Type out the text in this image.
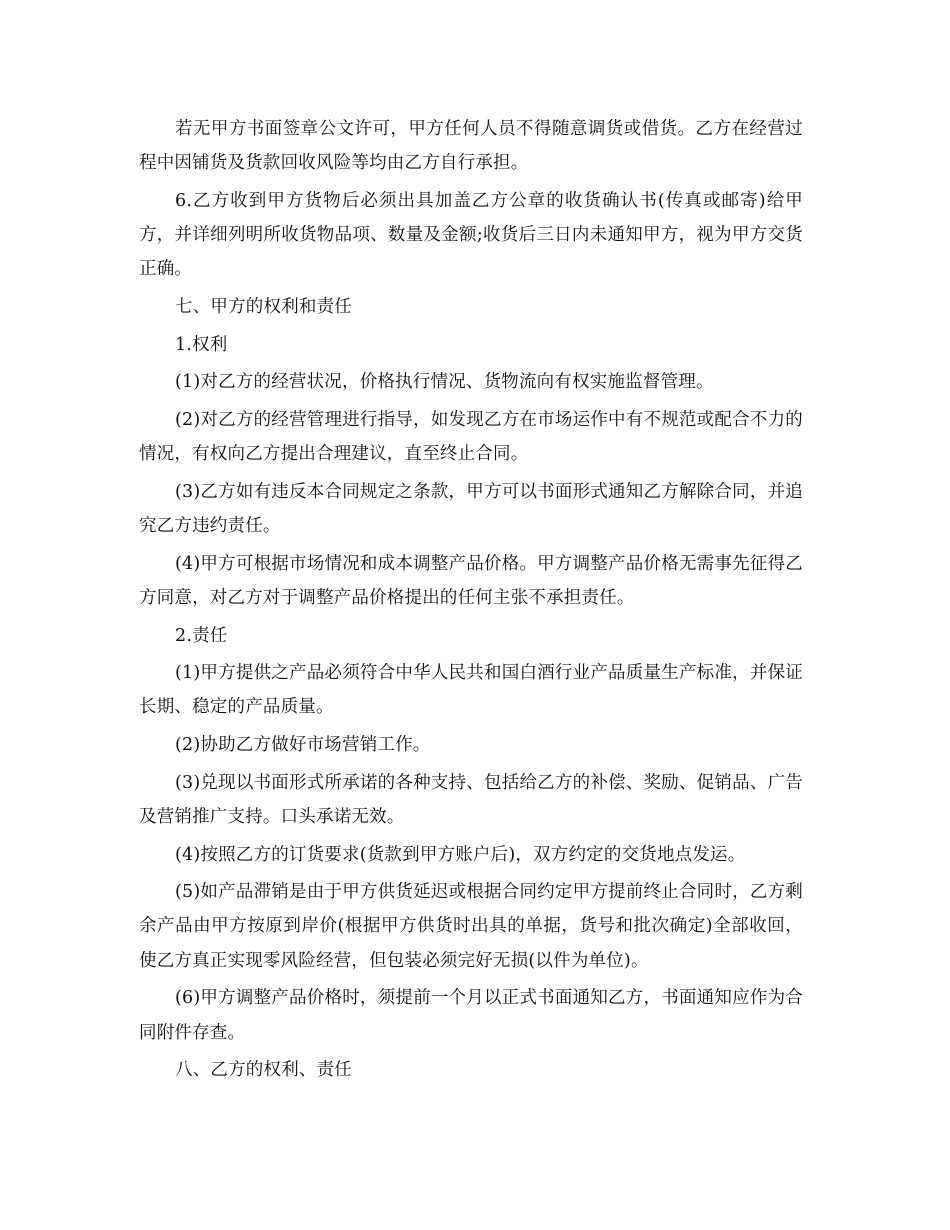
若无甲方书面签章公文许可，甲方任何人员不得随意调货或借货。乙方在经营过程中因铺货及货款回收风险等均由乙方自行承担。

6.乙方收到甲方货物后必须出具加盖乙方公章的收货确认书(传真或邮寄)给甲方，并详细列明所收货物品项、数量及金额;收货后三日内未通知甲方，视为甲方交货正确。

七、甲方的权利和责任

1.权利

(1)对乙方的经营状况，价格执行情况、货物流向有权实施监督管理。

(2)对乙方的经营管理进行指导，如发现乙方在市场运作中有不规范或配合不力的情况，有权向乙方提出合理建议，直至终止合同。

(3)乙方如有违反本合同规定之条款，甲方可以书面形式通知乙方解除合同，并追究乙方违约责任。

(4)甲方可根据市场情况和成本调整产品价格。甲方调整产品价格无需事先征得乙方同意，对乙方对于调整产品价格提出的任何主张不承担责任。

2.责任

(1)甲方提供之产品必须符合中华人民共和国白酒行业产品质量生产标准，并保证长期、稳定的产品质量。

(2)协助乙方做好市场营销工作。

(3)兑现以书面形式所承诺的各种支持、包括给乙方的补偿、奖励、促销品、广告及营销推广支持。口头承诺无效。

(4)按照乙方的订货要求(货款到甲方账户后)，双方约定的交货地点发运。

(5)如产品滞销是由于甲方供货延迟或根据合同约定甲方提前终止合同时，乙方剩余产品由甲方按原到岸价(根据甲方供货时出具的单据，货号和批次确定)全部收回，使乙方真正实现零风险经营，但包装必须完好无损(以件为单位)。

(6)甲方调整产品价格时，须提前一个月以正式书面通知乙方，书面通知应作为合同附件存查。

八、乙方的权利、责任
